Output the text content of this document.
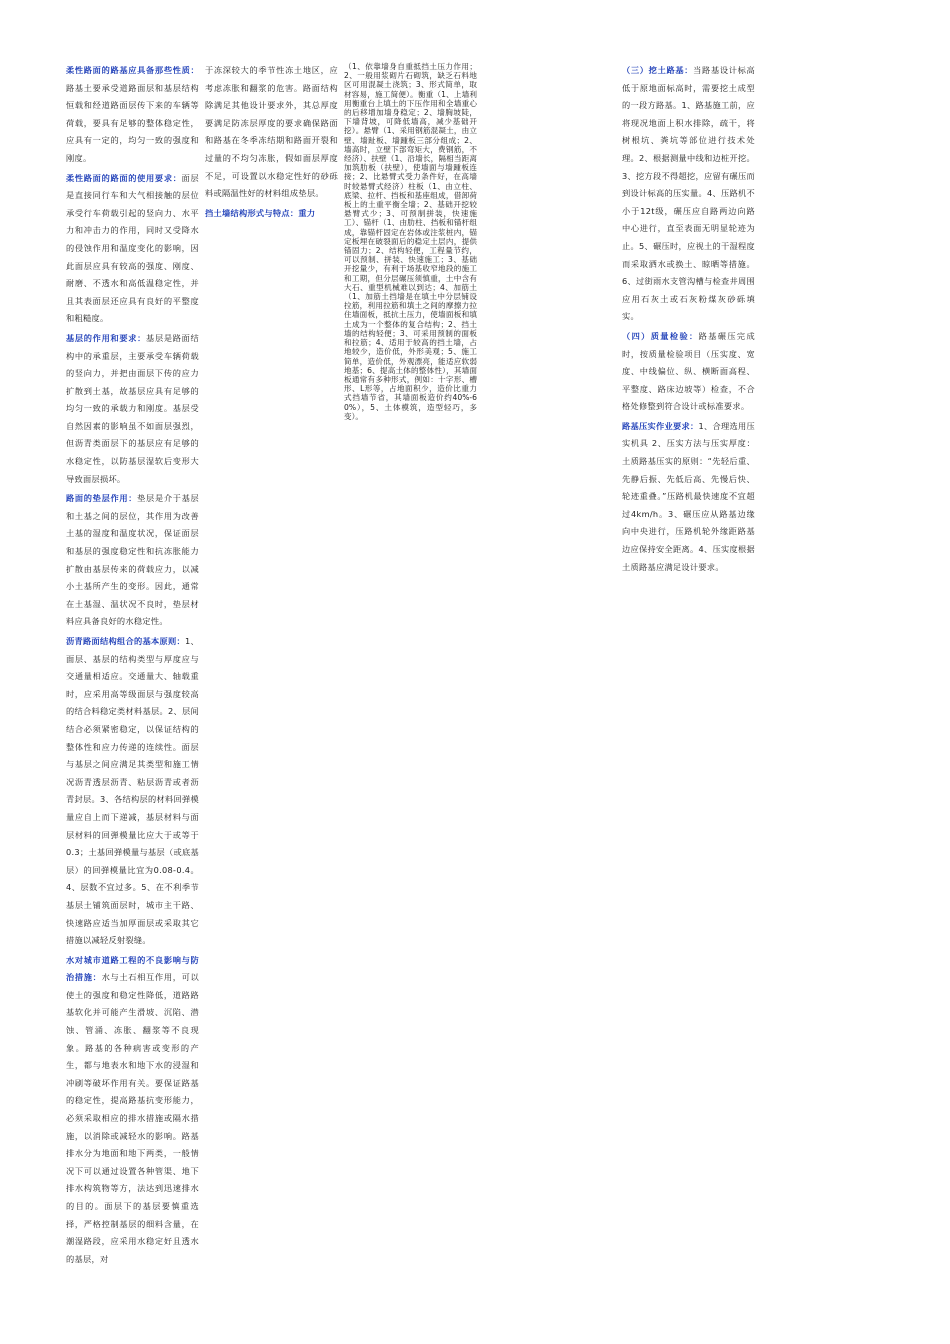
柔性路面的路基应具备那些性质：路基土要承受道路面层和基层结构恒载和经道路面层传下来的车辆等荷载，要具有足够的整体稳定性，应具有一定的，均匀一致的强度和刚度。

柔性路面的路面的使用要求：面层是直接同行车和大气相接触的层位承受行车荷载引起的竖向力、水平力和冲击力的作用，同时又受降水的侵蚀作用和温度变化的影响，因此面层应具有较高的强度、刚度、耐磨、不透水和高低温稳定性，并且其表面层还应具有良好的平整度和粗糙度。

基层的作用和要求：基层是路面结构中的承重层，主要承受车辆荷载的竖向力，并把由面层下传的应力扩散到土基，故基层应具有足够的均匀一致的承载力和刚度。基层受自然因素的影响虽不如面层强烈，但沥青类面层下的基层应有足够的水稳定性，以防基层湿软后变形大导致面层损坏。

路面的垫层作用：垫层是介于基层和土基之间的层位，其作用为改善土基的湿度和温度状况，保证面层和基层的强度稳定性和抗冻胀能力扩散由基层传来的荷载应力，以减小土基所产生的变形。因此，通常在土基湿、温状况不良时，垫层材料应具备良好的水稳定性。

沥青路面结构组合的基本原则：1、面层、基层的结构类型与厚度应与交通量相适应。交通量大、轴载重时，应采用高等级面层与强度较高的结合料稳定类材料基层。2、层间结合必须紧密稳定，以保证结构的整体性和应力传递的连续性。面层与基层之间应满足其类型和施工情况沥青透层沥青、粘层沥青或者沥青封层。3、各结构层的材料回弹模量应自上而下递减，基层材料与面层材料的回弹模量比应大于或等于0.3；土基回弹模量与基层（或底基层）的回弹模量比宜为0.08-0.4。4、层数不宜过多。5、在不利季节基层土铺筑面层时，城市主干路、快速路应适当加厚面层或采取其它措施以减轻反射裂缝。

水对城市道路工程的不良影响与防治措施：水与土石相互作用，可以使土的强度和稳定性降低，道路路基软化并可能产生滑坡、沉陷、潜蚀、管涌、冻胀、翻浆等不良现象。路基的各种病害或变形的产生，都与地表水和地下水的浸湿和冲刷等破坏作用有关。要保证路基的稳定性，提高路基抗变形能力，必须采取相应的排水措施或隔水措施，以消除或减轻水的影响。路基排水分为地面和地下两类，一般情况下可以通过设置各种管渠、地下排水构筑物等方，法达到迅速排水的目的。面层下的基层要慎重选择，严格控制基层的细料含量，在潮湿路段，应采用水稳定好且透水的基层，对

于冻深较大的季节性冻土地区，应考虑冻胀和翻浆的危害。路面结构除满足其他设计要求外，其总厚度要满足防冻层厚度的要求确保路面和路基在冬季冻结期和路面开裂和过量的不均匀冻胀，假如面层厚度不足，可设置以水稳定性好的砂砾料或隔温性好的材料组成垫层。

挡土墙结构形式与特点：重力

（1、依靠墙身自重抵挡土压力作用；2、一般用浆砌片石砌筑，缺乏石料地区可用混凝土浇筑；3、形式简单，取材容易，施工简便）。衡重（1、上墙利用衡重台上填土的下压作用和全墙重心的后移增加墙身稳定；2、墙胸坡陡，下墙背坡，可降低墙高，减少基础开挖）。悬臂（1、采用钢筋混凝土，由立壁、墙趾板、墙踵板三部分组成；2、墙高时，立壁下部弯矩大，费钢筋，不经济）、扶壁（1、沿墙长，隔相当距离加筑肋板（扶壁），使墙面与墙踵板连接；2、比悬臂式受力条件好，在高墙时较悬臂式经济）柱板（1、由立柱、底梁、拉杆、挡板和基座组成，借卸荷板上的土重平衡全墙；2、基础开挖较悬臂式少；3、可预制拼装，快速施工）、锚杆（1、由肋柱、挡板和锚杆组成，靠锚杆固定在岩体或注浆桩内，锚定板埋在破裂面后的稳定土层内，提供锚固力；2、结构轻便，工程量节约，可以预制、拼装、快速施工；3、基础开挖量少，有利于场基收窄地段的施工和工期，但分层碾压须慎重，土中含有大石、重型机械难以到达；4、加筋土（1、加筋土挡墙是在填土中分层铺设拉筋，利用拉筋和填土之间的摩擦力拉住墙面板，抵抗土压力，使墙面板和填土成为一个整体的复合结构；2、挡土墙的结构轻便；3、可采用预制的面板和拉筋；4、适用于较高的挡土墙，占地较少，造价低，外形美观；5、施工简单，造价低，外观漂亮，能适应软弱地基；6、提高土体的整体性），其墙面板通常有多种形式，例如：十字形、槽形、L形等，占地面积少，造价比重力式挡墙节省，其墙面板造价约40%-60%），5、土体模筑，造型轻巧，多变）。

（三）挖土路基：当路基设计标高低于原地面标高时，需要挖土成型的一段方路基。1、路基施工前，应将现况地面上积水排除，疏干，将树根坑、粪坑等部位进行技术处理。2、根据测量中线和边桩开挖。3、挖方段不得超挖，应留有碾压而到设计标高的压实量。4、压路机不小于12t级，碾压应自路两边向路中心进行，直至表面无明显轮迹为止。5、碾压时，应视土的干湿程度而采取洒水或换土、晾晒等措施。6、过街雨水支管沟槽与检查井周围应用石灰土或石灰粉煤灰砂砾填实。

（四）质量检验：路基碾压完成时，按质量检验项目（压实度、宽度、中线偏位、纵、横断面高程、平整度、路床边坡等）检查，不合格处修整到符合设计或标准要求。

路基压实作业要求：1、合理选用压实机具 2、压实方法与压实厚度：土质路基压实的原则：“先轻后重、先静后振、先低后高、先慢后快、轮迹重叠。”压路机最快速度不宜超过4km/h。3、碾压应从路基边缘向中央进行，压路机轮外缘距路基边应保持安全距离。4、压实度根据土质路基应满足设计要求。
